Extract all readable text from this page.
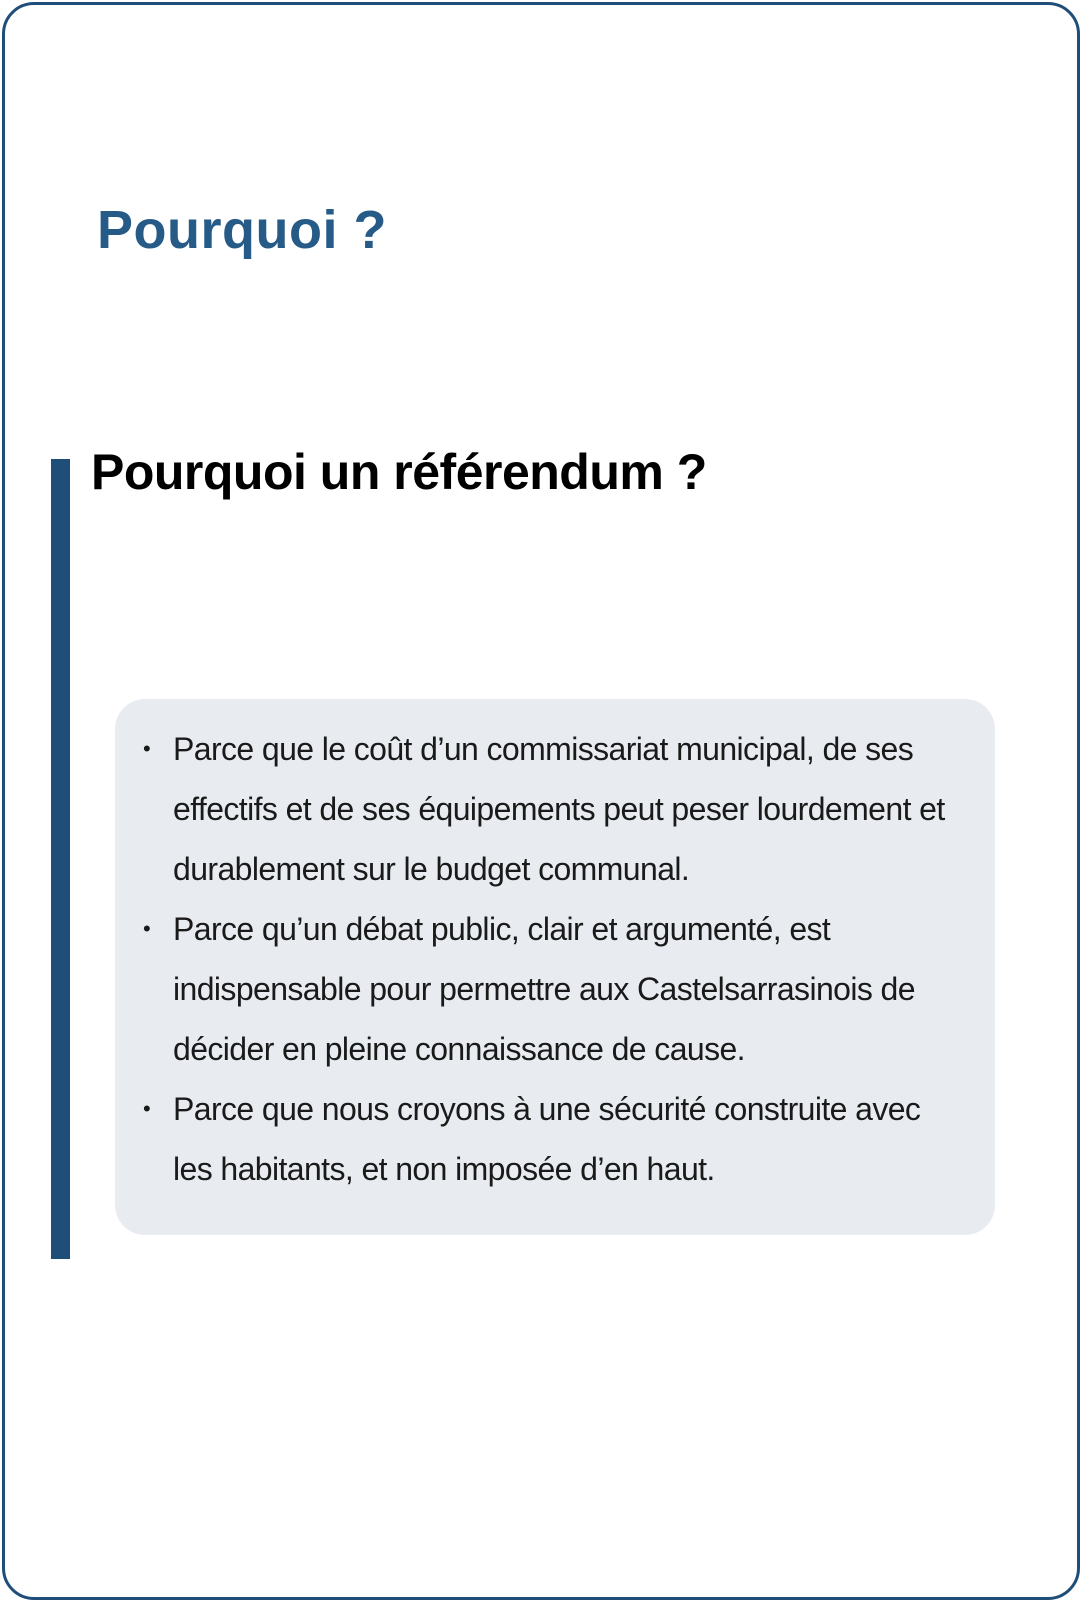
Pourquoi ?
Pourquoi un référendum ?
• Parce que le coût d’un commissariat municipal, de ses effectifs et de ses équipements peut peser lourdement et durablement sur le budget communal.
• Parce qu’un débat public, clair et argumenté, est indispensable pour permettre aux Castelsarrasinois de décider en pleine connaissance de cause.
• Parce que nous croyons à une sécurité construite avec les habitants, et non imposée d’en haut.
